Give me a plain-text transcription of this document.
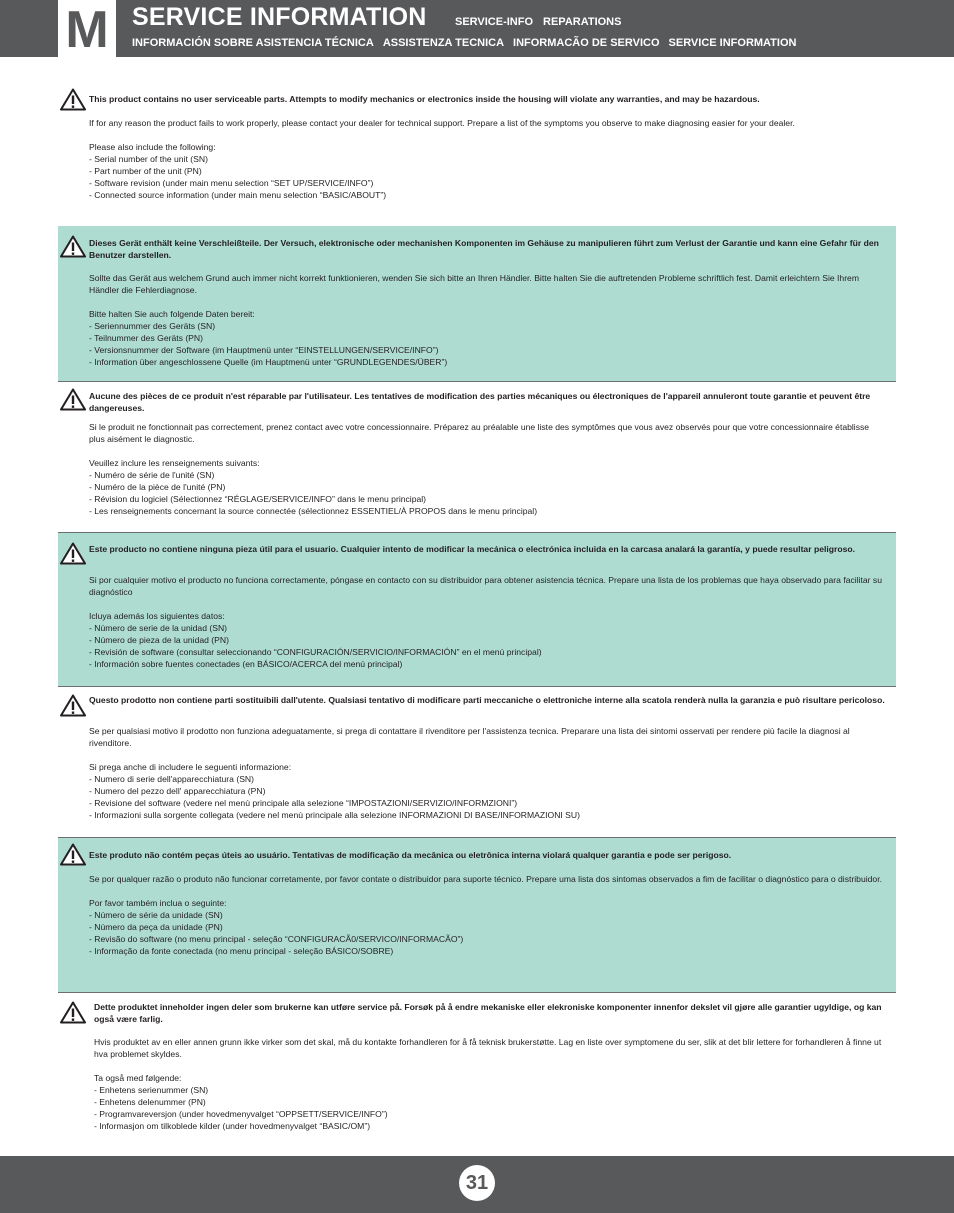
M SERVICE INFORMATION	SERVICE-INFO REPARATIONS
INFORMACIÓN SOBRE ASISTENCIA TÉCNICA ASSISTENZA TECNICA INFORMACÃO DE SERVICO SERVICE INFORMATION
This product contains no user serviceable parts. Attempts to modify mechanics or electronics inside the housing will violate any warranties, and may be hazardous.

If for any reason the product fails to work properly, please contact your dealer for technical support. Prepare a list of the symptoms you observe to make diagnosing easier for your dealer.

Please also include the following:

- Serial number of the unit (SN)

- Part number of the unit (PN)

- Software revision (under main menu selection “SET UP/SERVICE/INFO”)

- Connected source information (under main menu selection “BASIC/ABOUT”)

Dieses Gerät enthält keine Verschleißteile. Der Versuch, elektronische oder mechanishen Komponenten im Gehäuse zu manipulieren führt zum Verlust der Garantie und kann eine Gefahr für den Benutzer darstellen.

Sollte das Gerät aus welchem Grund auch immer nicht korrekt funktionieren, wenden Sie sich bitte an Ihren Händler. Bitte halten Sie die auftretenden Probleme schriftlich fest. Damit erleichtern Sie Ihrem Händler die Fehlerdiagnose.

Bitte halten Sie auch folgende Daten bereit:

- Seriennummer des Geräts (SN)

- Teilnummer des Geräts (PN)

- Versionsnummer der Software (im Hauptmenü unter “EINSTELLUNGEN/SERVICE/INFO”)

- Information über angeschlossene Quelle (im Hauptmenü unter “GRUNDLEGENDES/ÜBER”)

Aucune des pièces de ce produit n'est réparable par l'utilisateur. Les tentatives de modification des parties mécaniques ou électroniques de l'appareil annuleront toute garantie et peuvent être dangereuses.

Si le produit ne fonctionnait pas correctement, prenez contact avec votre concessionnaire. Préparez au préalable une liste des symptômes que vous avez observés pour que votre concessionnaire établisse plus aisément le diagnostic.

Veuillez inclure les renseignements suivants:

- Numéro de série de l'unité (SN)

- Numéro de la pièce de l'unité (PN)

- Révision du logiciel (Sélectionnez “RÉGLAGE/SERVICE/INFO” dans le menu principal)

- Les renseignements concernant la source connectée (sélectionnez ESSENTIEL/À PROPOS dans le menu principal)

Este producto no contiene ninguna pieza útil para el usuario. Cualquier intento de modificar la mecánica o electrónica incluida en la carcasa analará la garantía, y puede resultar peligroso.

Si por cualquier motivo el producto no funciona correctamente, póngase en contacto con su distribuidor para obtener asistencia técnica. Prepare una lista de los problemas que haya observado para facilitar su diagnóstico

Icluya además los siguientes datos:

- Número de serie de la unidad (SN)

- Número de pieza de la unidad (PN)

- Revisión de software (consultar seleccionando “CONFIGURACIÓN/SERVICIO/INFORMACIÓN” en el menú principal)

- Información sobre fuentes conectades (en BÁSICO/ACERCA del menú principal)

Questo prodotto non contiene parti sostituibili dall'utente. Qualsiasi tentativo di modificare parti meccaniche o elettroniche interne alla scatola renderà nulla la garanzia e può risultare pericoloso.

Se per qualsiasi motivo il prodotto non funziona adeguatamente, si prega di contattare il rivenditore per l'assistenza tecnica. Preparare una lista dei sintomi osservati per rendere più facile la diagnosi al rivenditore.

Si prega anche di includere le seguenti informazione:

- Numero di serie dell'apparecchiatura (SN)

- Numero del pezzo dell' apparecchiatura (PN)

- Revisione del software (vedere nel menù principale alla selezione “IMPOSTAZIONI/SERVIZIO/INFORMZIONI”)

- Informazioni sulla sorgente collegata (vedere nel menù principale alla selezione INFORMAZIONI DI BASE/INFORMAZIONI SU)

Este produto não contém peças úteis ao usuário. Tentativas de modificação da mecânica ou eletrônica interna violará qualquer garantia e pode ser perigoso.

Se por qualquer razão o produto não funcionar corretamente, por favor contate o distribuidor para suporte técnico. Prepare uma lista dos sintomas observados a fim de facilitar o diagnóstico para o distribuidor.

Por favor também inclua o seguinte:

- Número de série da unidade (SN)

- Número da peça da unidade (PN)

- Revisão do software (no menu principal - seleção “CONFIGURACÃ0/SERVICO/INFORMACÃO”)

- Informação da fonte conectada (no menu principal - seleção BÁSICO/SOBRE)

Dette produktet inneholder ingen deler som brukerne kan utføre service på. Forsøk på å endre mekaniske eller elekroniske komponenter innenfor dekslet vil gjøre alle garantier ugyldige, og kan også være farlig.

Hvis produktet av en eller annen grunn ikke virker som det skal, må du kontakte forhandleren for å få teknisk brukerstøtte. Lag en liste over symptomene du ser, slik at det blir lettere for forhandleren å finne ut hva problemet skyldes.

Ta også med følgende:

- Enhetens serienummer (SN)

- Enhetens delenummer (PN)

- Programvareversjon (under hovedmenyvalget “OPPSETT/SERVICE/INFO”)

- Informasjon om tilkoblede kilder (under hovedmenyvalget “BASIC/OM”)

31
